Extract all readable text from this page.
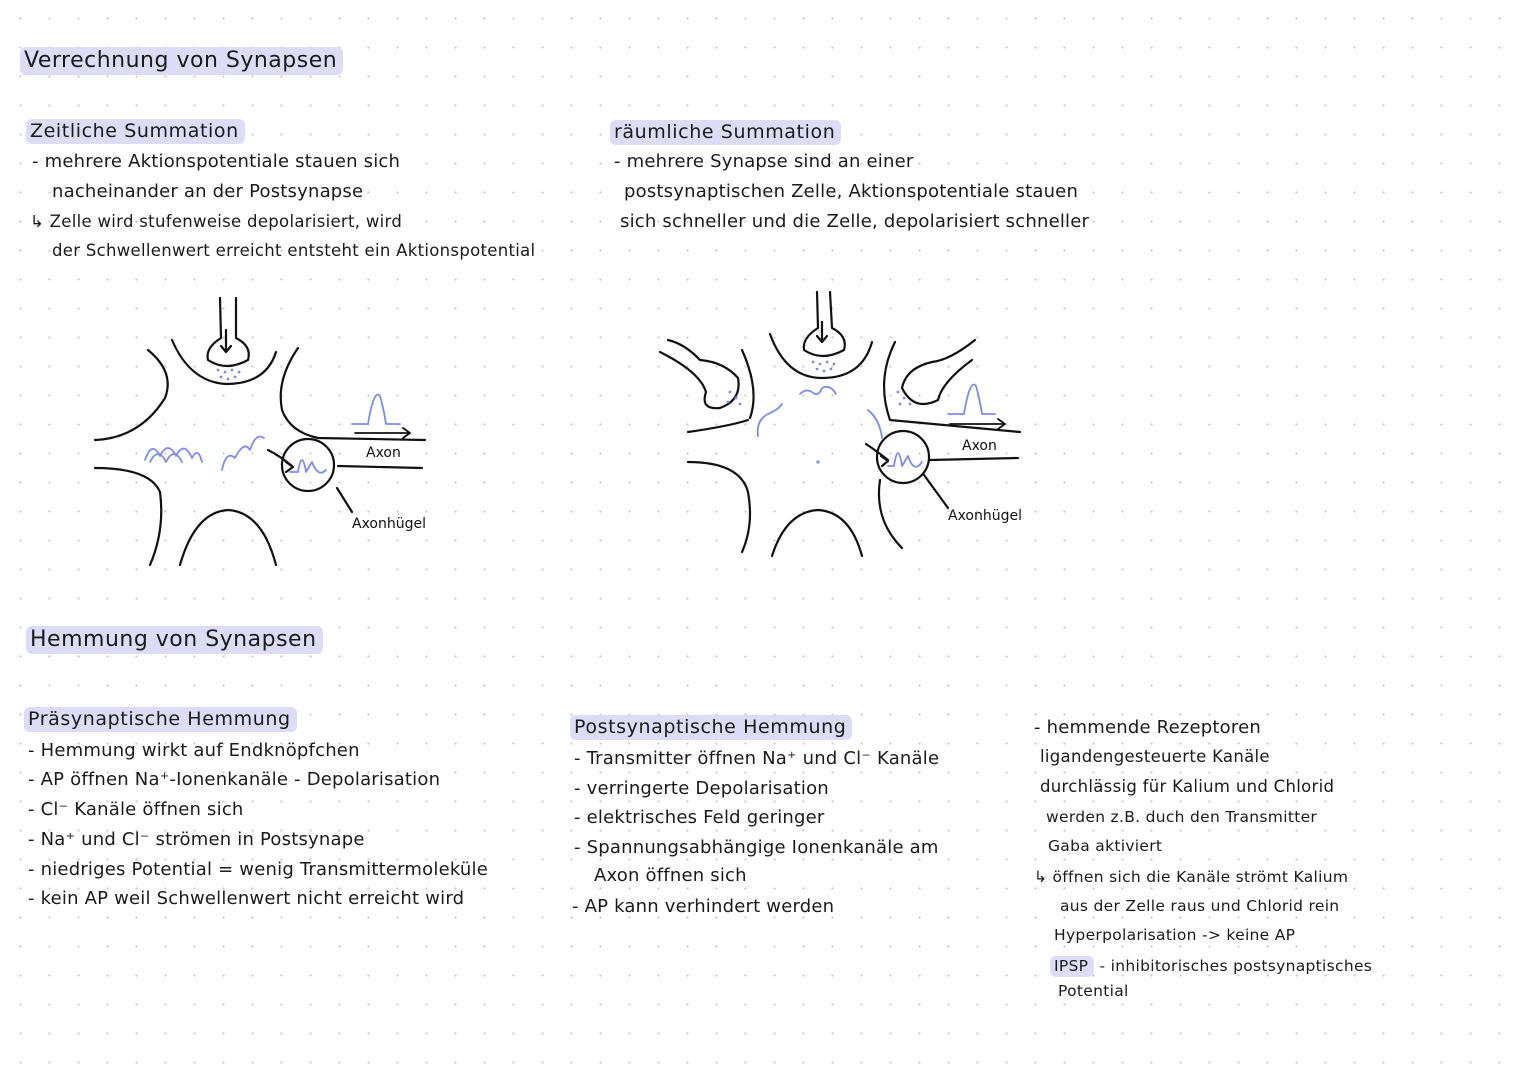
Verrechnung von Synapsen
Zeitliche Summation
- mehrere Aktionspotentiale stauen sich
nacheinander an der Postsynapse
↳ Zelle wird stufenweise depolarisiert, wird
der Schwellenwert erreicht entsteht ein Aktionspotential
räumliche Summation
- mehrere Synapse sind an einer
postsynaptischen Zelle, Aktionspotentiale stauen
sich schneller und die Zelle, depolarisiert schneller
Axon
Axonhügel
Axon
Axonhügel
Hemmung von Synapsen
Präsynaptische Hemmung
- Hemmung wirkt auf Endknöpfchen
- AP öffnen Na⁺-Ionenkanäle - Depolarisation
- Cl⁻ Kanäle öffnen sich
- Na⁺ und Cl⁻ strömen in Postsynape
- niedriges Potential = wenig Transmittermoleküle
- kein AP weil Schwellenwert nicht erreicht wird
Postsynaptische Hemmung
- Transmitter öffnen Na⁺ und Cl⁻ Kanäle
- verringerte Depolarisation
- elektrisches Feld geringer
- Spannungsabhängige Ionenkanäle am
Axon öffnen sich
- AP kann verhindert werden
- hemmende Rezeptoren
ligandengesteuerte Kanäle
durchlässig für Kalium und Chlorid
werden z.B. duch den Transmitter
Gaba aktiviert
↳ öffnen sich die Kanäle strömt Kalium
aus der Zelle raus und Chlorid rein
Hyperpolarisation -> keine AP
IPSP - inhibitorisches postsynaptisches
Potential
